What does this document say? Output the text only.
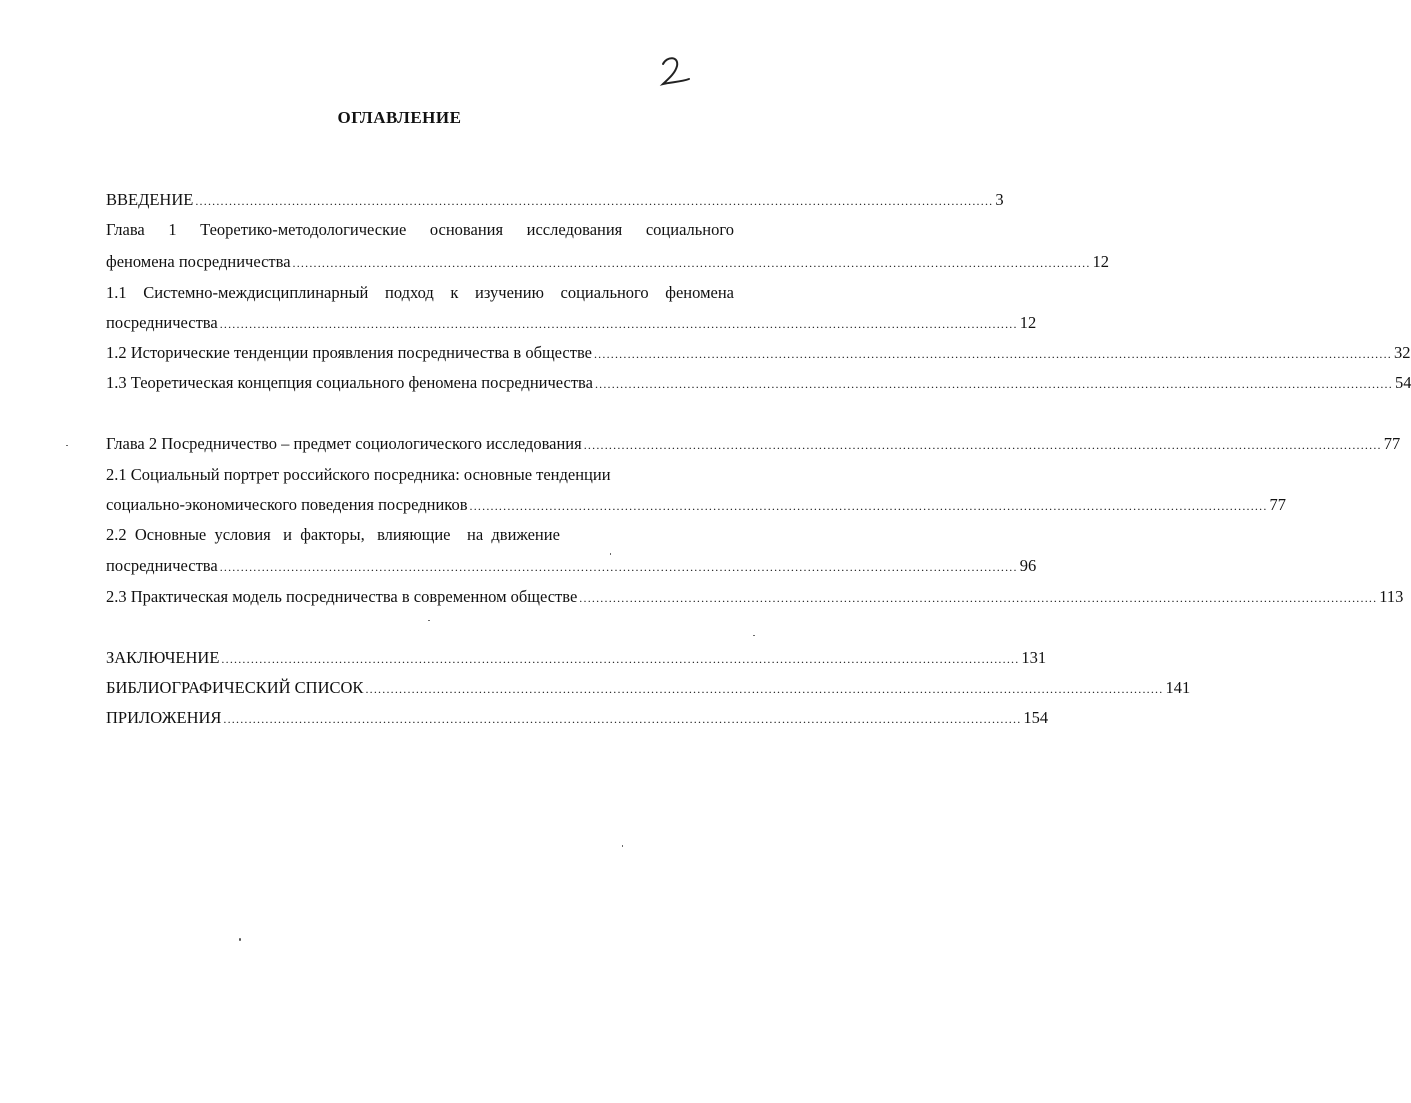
ОГЛАВЛЕНИЕ
ВВЕДЕНИЕ .............................................................................................................................................................................................. 3
Глава 1 Теоретико-методологические основания исследования социального
феномена посредничества .............................................................................................................................................................................................. 12
1.1 Системно-междисциплинарный подход к изучению социального феномена
посредничества .............................................................................................................................................................................................. 12
1.2 Исторические тенденции проявления посредничества в обществе .............................................................................................................................................................................................. 32
1.3 Теоретическая концепция социального феномена посредничества .............................................................................................................................................................................................. 54
Глава 2 Посредничество – предмет социологического исследования .............................................................................................................................................................................................. 77
2.1 Социальный портрет российского посредника: основные тенденции
социально-экономического поведения посредников .............................................................................................................................................................................................. 77
2.2  Основные  условия   и  факторы,   влияющие    на  движение
посредничества .............................................................................................................................................................................................. 96
2.3 Практическая модель посредничества в современном обществе .............................................................................................................................................................................................. 113
ЗАКЛЮЧЕНИЕ .............................................................................................................................................................................................. 131
БИБЛИОГРАФИЧЕСКИЙ СПИСОК .............................................................................................................................................................................................. 141
ПРИЛОЖЕНИЯ .............................................................................................................................................................................................. 154
